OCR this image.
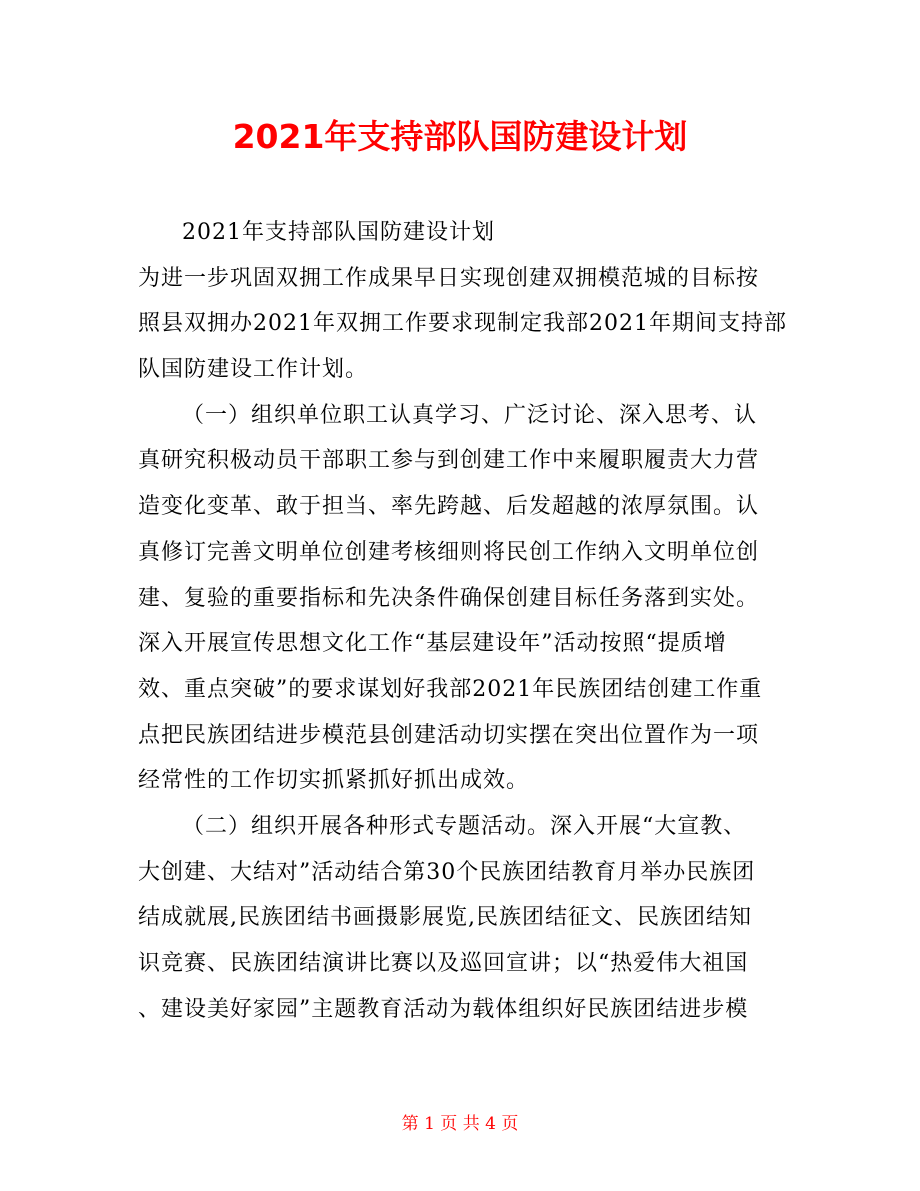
2021年支持部队国防建设计划
2021年支持部队国防建设计划
为进一步巩固双拥工作成果早日实现创建双拥模范城的目标按
照县双拥办2021年双拥工作要求现制定我部2021年期间支持部
队国防建设工作计划。
（一）组织单位职工认真学习、广泛讨论、深入思考、认
真研究积极动员干部职工参与到创建工作中来履职履责大力营
造变化变革、敢于担当、率先跨越、后发超越的浓厚氛围。认
真修订完善文明单位创建考核细则将民创工作纳入文明单位创
建、复验的重要指标和先决条件确保创建目标任务落到实处。
深入开展宣传思想文化工作“基层建设年”活动按照“提质增
效、重点突破”的要求谋划好我部2021年民族团结创建工作重
点把民族团结进步模范县创建活动切实摆在突出位置作为一项
经常性的工作切实抓紧抓好抓出成效。
（二）组织开展各种形式专题活动。深入开展“大宣教、
大创建、大结对”活动结合第30个民族团结教育月举办民族团
结成就展,民族团结书画摄影展览,民族团结征文、民族团结知
识竞赛、民族团结演讲比赛以及巡回宣讲；以“热爱伟大祖国
、建设美好家园”主题教育活动为载体组织好民族团结进步模
第 1 页 共 4 页
